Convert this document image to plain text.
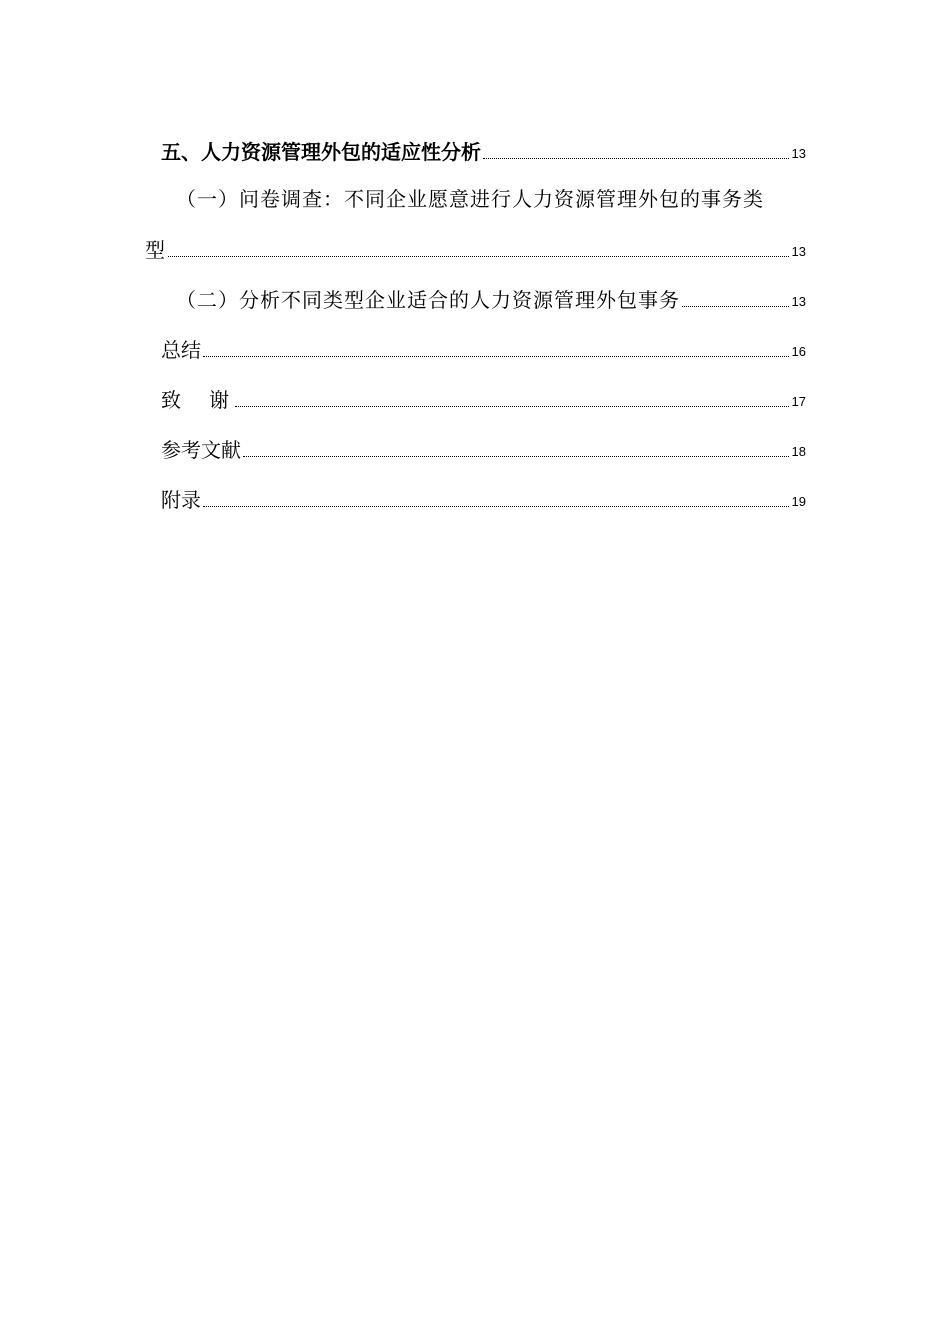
五、人力资源管理外包的适应性分析	13
（一）问卷调查：不同企业愿意进行人力资源管理外包的事务类
型	13
（二）分析不同类型企业适合的人力资源管理外包事务	13
总结	16
致　谢	17
参考文献	18
附录	19
